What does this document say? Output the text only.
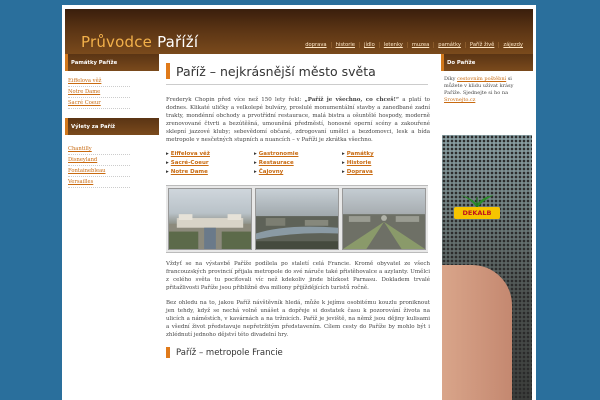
Průvodce Paříží	doprava	historie	jídlo	letenky	muzea	památky	Paříž živě	zájezdy
Památky Paříže
Eiffelova věž
Notre Dame
Sacré Coeur
Výlety za Paříž
Chantilly
Disneyland
Fontainebleau
Versailles
Paříž – nejkrásnější město světa

Frederyk Chopin před více než 150 lety řekl: „Paříž je všechno, co chceš!“ a platí to dodnes. Klikaté uličky a velkolepé bulváry, proslulé monumentální stavby a zanedbané zadní trakty, mondénní obchody a prvotřídní restaurace, malá bistra a ošuntělé hospody, moderně zrenovované čtvrti a bezútěšná, umouněná předměstí, honosné operní scény a zakouřené sklepní jazzové kluby; sebevědomí občané, zdrogovaní umělci a bezdomovci, lesk a bída metropole v nesčetných stupních a nuancích – v Paříži je zkrátka všechno.

▸ Eiffelova věž	▸ Gastronomie	▸ Památky
▸ Sacré-Coeur	▸ Restaurace	▸ Historie
▸ Notre Dame	▸ Čajovny	▸ Doprava

Vždyť se na výstavbě Paříže podílela po staletí celá Francie. Kromě obyvatel ze všech francouzských provincií přijala metropole do své náruče také přistěhovalce a azylanty. Umělci z celého světa tu pociťovali víc než kdekoliv jinde blízkost Parnasu. Dokladem trvalé přitažlivosti Paříže jsou přibližně dva miliony přijíždějících turistů ročně.

Bez ohledu na to, jakou Paříž návštěvník hledá, může k jejímu osobitému kouzlu proniknout jen tehdy, když se nechá volně unášet a dopřeje si dostatek času k pozorování života na ulicích a náměstích, v kavárnách a na tržnicích. Paříž je jeviště, na němž jsou dějiny kulisami a všední život představuje nepřetržitým představením. Cílem cesty do Paříže by mohlo být i zhlédnutí jednoho dějství této divadelní hry.

Paříž – metropole Francie
Do Paříže

Díky cestovním poštěbní si můžete v klidu užívat krásy Paříže. Sjednejte si ho na Srovnejto.cz

DEKALB
